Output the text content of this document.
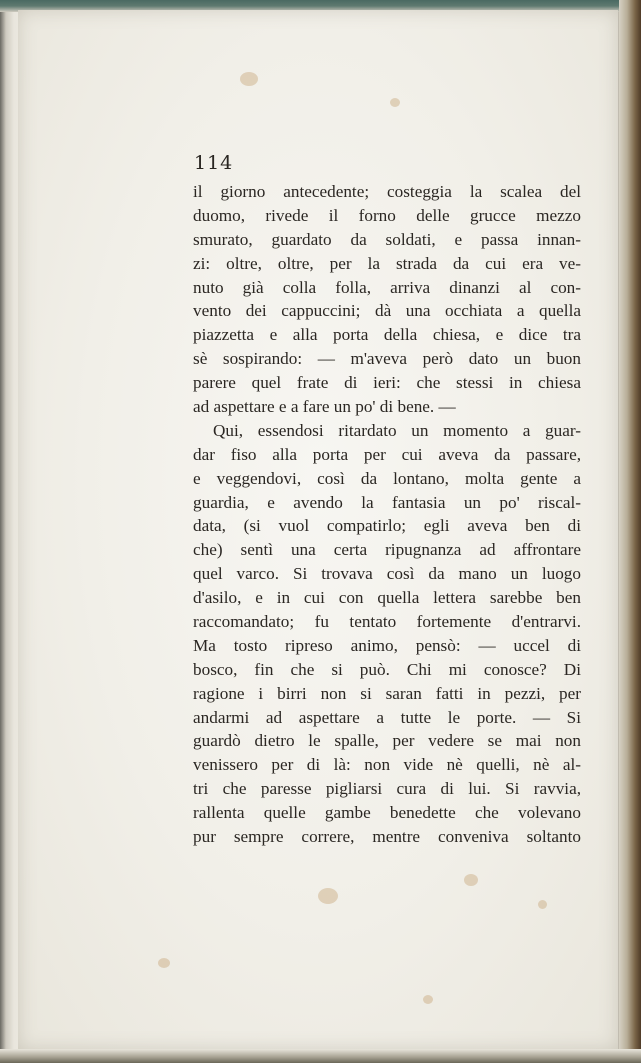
114
il giorno antecedente; costeggia la scalea del
duomo, rivede il forno delle grucce mezzo
smurato, guardato da soldati, e passa innan-
zi: oltre, oltre, per la strada da cui era ve-
nuto già colla folla, arriva dinanzi al con-
vento dei cappuccini; dà una occhiata a quella
piazzetta e alla porta della chiesa, e dice tra
sè sospirando: — m'aveva però dato un buon
parere quel frate di ieri: che stessi in chiesa
ad aspettare e a fare un po' di bene. —
Qui, essendosi ritardato un momento a guar-
dar fiso alla porta per cui aveva da passare,
e veggendovi, così da lontano, molta gente a
guardia, e avendo la fantasia un po' riscal-
data, (si vuol compatirlo; egli aveva ben di
che) sentì una certa ripugnanza ad affrontare
quel varco. Si trovava così da mano un luogo
d'asilo, e in cui con quella lettera sarebbe ben
raccomandato; fu tentato fortemente d'entrarvi.
Ma tosto ripreso animo, pensò: — uccel di
bosco, fin che si può. Chi mi conosce? Di
ragione i birri non si saran fatti in pezzi, per
andarmi ad aspettare a tutte le porte. — Si
guardò dietro le spalle, per vedere se mai non
venissero per di là: non vide nè quelli, nè al-
tri che paresse pigliarsi cura di lui. Si ravvia,
rallenta quelle gambe benedette che volevano
pur sempre correre, mentre conveniva soltanto
